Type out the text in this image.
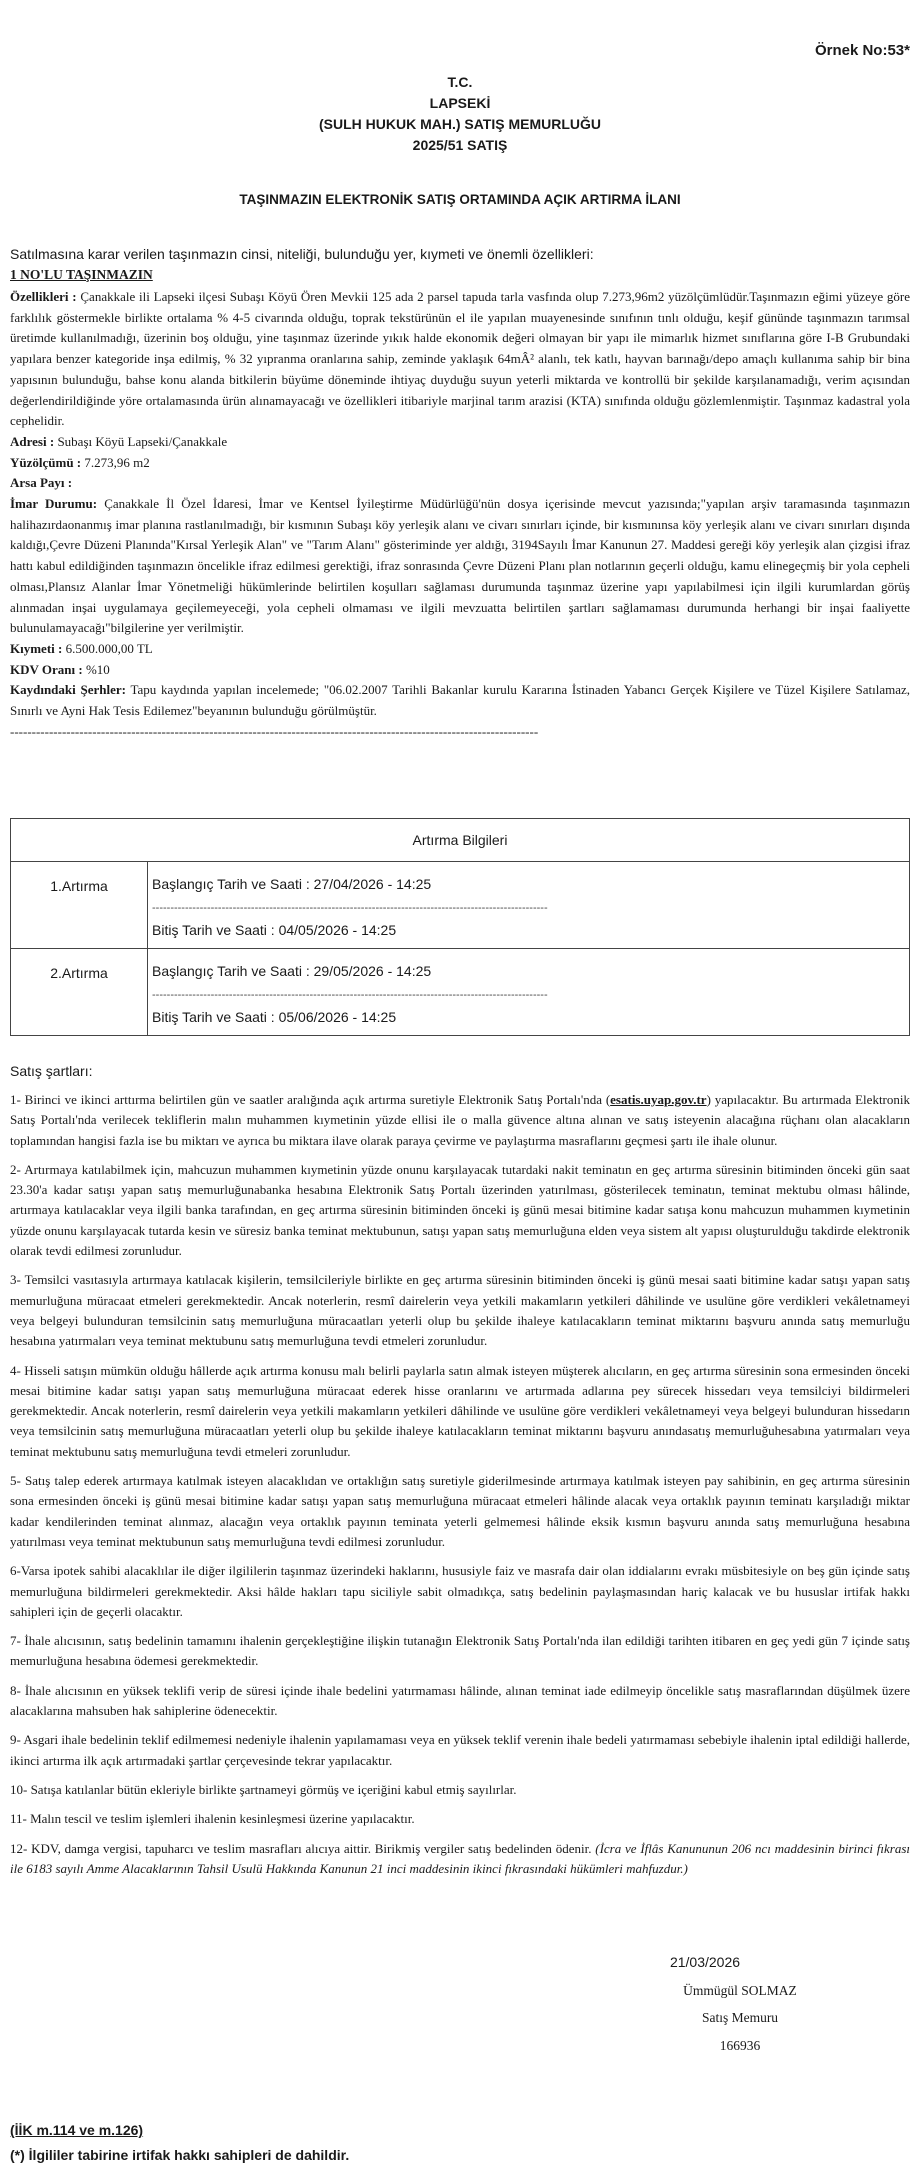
Örnek No:53*
T.C.
LAPSEKİ
(SULH HUKUK MAH.) SATIŞ MEMURLUĞU
2025/51 SATIŞ
TAŞINMAZIN ELEKTRONİK SATIŞ ORTAMINDA AÇIK ARTIRMA İLANI
Satılmasına karar verilen taşınmazın cinsi, niteliği, bulunduğu yer, kıymeti ve önemli özellikleri:
1 NO'LU TAŞINMAZIN

Özellikleri : Çanakkale ili Lapseki ilçesi Subaşı Köyü Ören Mevkii 125 ada 2 parsel tapuda tarla vasfında olup 7.273,96m2 yüzölçümlüdür.Taşınmazın eğimi yüzeye göre farklılık göstermekle birlikte ortalama % 4-5 civarında olduğu, toprak tekstürünün el ile yapılan muayenesinde sınıfının tınlı olduğu, keşif gününde taşınmazın tarımsal üretimde kullanılmadığı, üzerinin boş olduğu, yine taşınmaz üzerinde yıkık halde ekonomik değeri olmayan bir yapı ile mimarlık hizmet sınıflarına göre I-B Grubundaki yapılara benzer kategoride inşa edilmiş, % 32 yıpranma oranlarına sahip, zeminde yaklaşık 64mÂ² alanlı, tek katlı, hayvan barınağı/depo amaçlı kullanıma sahip bir bina yapısının bulunduğu, bahse konu alanda bitkilerin büyüme döneminde ihtiyaç duyduğu suyun yeterli miktarda ve kontrollü bir şekilde karşılanamadığı, verim açısından değerlendirildiğinde yöre ortalamasında ürün alınamayacağı ve özellikleri itibariyle marjinal tarım arazisi (KTA) sınıfında olduğu gözlemlenmiştir. Taşınmaz kadastral yola cephelidir.

Adresi : Subaşı Köyü Lapseki/Çanakkale

Yüzölçümü : 7.273,96 m2

Arsa Payı :

İmar Durumu: Çanakkale İl Özel İdaresi, İmar ve Kentsel İyileştirme Müdürlüğü'nün dosya içerisinde mevcut yazısında;"yapılan arşiv taramasında taşınmazın halihazırdaonanmış imar planına rastlanılmadığı, bir kısmının Subaşı köy yerleşik alanı ve civarı sınırları içinde, bir kısmınınsa köy yerleşik alanı ve civarı sınırları dışında kaldığı,Çevre Düzeni Planında"Kırsal Yerleşik Alan" ve "Tarım Alanı" gösteriminde yer aldığı, 3194Sayılı İmar Kanunun 27. Maddesi gereği köy yerleşik alan çizgisi ifraz hattı kabul edildiğinden taşınmazın öncelikle ifraz edilmesi gerektiği, ifraz sonrasında Çevre Düzeni Planı plan notlarının geçerli olduğu, kamu elinegeçmiş bir yola cepheli olması,Plansız Alanlar İmar Yönetmeliği hükümlerinde belirtilen koşulları sağlaması durumunda taşınmaz üzerine yapı yapılabilmesi için ilgili kurumlardan görüş alınmadan inşai uygulamaya geçilemeyeceği, yola cepheli olmaması ve ilgili mevzuatta belirtilen şartları sağlamaması durumunda herhangi bir inşai faaliyette bulunulamayacağı"bilgilerine yer verilmiştir.

Kıymeti : 6.500.000,00 TL

KDV Oranı : %10

Kaydındaki Şerhler: Tapu kaydında yapılan incelemede; "06.02.2007 Tarihli Bakanlar kurulu Kararına İstinaden Yabancı Gerçek Kişilere ve Tüzel Kişilere Satılamaz, Sınırlı ve Ayni Hak Tesis Edilemez"beyanının bulunduğu görülmüştür.

--------------------------------------------------------------------------------------------------------------------------

Artırma Bilgileri	
1.Artırma	Başlangıç Tarih ve Saati : 27/04/2026 - 14:25
------------------------------------------------------------------------------------------------------------
Bitiş Tarih ve Saati : 04/05/2026 - 14:25

2.Artırma	Başlangıç Tarih ve Saati : 29/05/2026 - 14:25
------------------------------------------------------------------------------------------------------------
Bitiş Tarih ve Saati : 05/06/2026 - 14:25
Satış şartları:

1- Birinci ve ikinci arttırma belirtilen gün ve saatler aralığında açık artırma suretiyle Elektronik Satış Portalı'nda (esatis.uyap.gov.tr) yapılacaktır. Bu artırmada Elektronik Satış Portalı'nda verilecek tekliflerin malın muhammen kıymetinin yüzde ellisi ile o malla güvence altına alınan ve satış isteyenin alacağına rüçhanı olan alacakların toplamından hangisi fazla ise bu miktarı ve ayrıca bu miktara ilave olarak paraya çevirme ve paylaştırma masraflarını geçmesi şartı ile ihale olunur.

2- Artırmaya katılabilmek için, mahcuzun muhammen kıymetinin yüzde onunu karşılayacak tutardaki nakit teminatın en geç artırma süresinin bitiminden önceki gün saat 23.30'a kadar satışı yapan satış memurluğunabanka hesabına Elektronik Satış Portalı üzerinden yatırılması, gösterilecek teminatın, teminat mektubu olması hâlinde, artırmaya katılacaklar veya ilgili banka tarafından, en geç artırma süresinin bitiminden önceki iş günü mesai bitimine kadar satışa konu mahcuzun muhammen kıymetinin yüzde onunu karşılayacak tutarda kesin ve süresiz banka teminat mektubunun, satışı yapan satış memurluğuna elden veya sistem alt yapısı oluşturulduğu takdirde elektronik olarak tevdi edilmesi zorunludur.

3- Temsilci vasıtasıyla artırmaya katılacak kişilerin, temsilcileriyle birlikte en geç artırma süresinin bitiminden önceki iş günü mesai saati bitimine kadar satışı yapan satış memurluğuna müracaat etmeleri gerekmektedir. Ancak noterlerin, resmî dairelerin veya yetkili makamların yetkileri dâhilinde ve usulüne göre verdikleri vekâletnameyi veya belgeyi bulunduran temsilcinin satış memurluğuna müracaatları yeterli olup bu şekilde ihaleye katılacakların teminat miktarını başvuru anında satış memurluğu hesabına yatırmaları veya teminat mektubunu satış memurluğuna tevdi etmeleri zorunludur.

4- Hisseli satışın mümkün olduğu hâllerde açık artırma konusu malı belirli paylarla satın almak isteyen müşterek alıcıların, en geç artırma süresinin sona ermesinden önceki mesai bitimine kadar satışı yapan satış memurluğuna müracaat ederek hisse oranlarını ve artırmada adlarına pey sürecek hissedarı veya temsilciyi bildirmeleri gerekmektedir. Ancak noterlerin, resmî dairelerin veya yetkili makamların yetkileri dâhilinde ve usulüne göre verdikleri vekâletnameyi veya belgeyi bulunduran hissedarın veya temsilcinin satış memurluğuna müracaatları yeterli olup bu şekilde ihaleye katılacakların teminat miktarını başvuru anındasatış memurluğuhesabına yatırmaları veya teminat mektubunu satış memurluğuna tevdi etmeleri zorunludur.

5- Satış talep ederek artırmaya katılmak isteyen alacaklıdan ve ortaklığın satış suretiyle giderilmesinde artırmaya katılmak isteyen pay sahibinin, en geç artırma süresinin sona ermesinden önceki iş günü mesai bitimine kadar satışı yapan satış memurluğuna müracaat etmeleri hâlinde alacak veya ortaklık payının teminatı karşıladığı miktar kadar kendilerinden teminat alınmaz, alacağın veya ortaklık payının teminata yeterli gelmemesi hâlinde eksik kısmın başvuru anında satış memurluğuna hesabına yatırılması veya teminat mektubunun satış memurluğuna tevdi edilmesi zorunludur.

6-Varsa ipotek sahibi alacaklılar ile diğer ilgililerin taşınmaz üzerindeki haklarını, hususiyle faiz ve masrafa dair olan iddialarını evrakı müsbitesiyle on beş gün içinde satış memurluğuna bildirmeleri gerekmektedir. Aksi hâlde hakları tapu siciliyle sabit olmadıkça, satış bedelinin paylaşmasından hariç kalacak ve bu hususlar irtifak hakkı sahipleri için de geçerli olacaktır.

7- İhale alıcısının, satış bedelinin tamamını ihalenin gerçekleştiğine ilişkin tutanağın Elektronik Satış Portalı'nda ilan edildiği tarihten itibaren en geç yedi gün 7 içinde satış memurluğuna hesabına ödemesi gerekmektedir.

8- İhale alıcısının en yüksek teklifi verip de süresi içinde ihale bedelini yatırmaması hâlinde, alınan teminat iade edilmeyip öncelikle satış masraflarından düşülmek üzere alacaklarına mahsuben hak sahiplerine ödenecektir.

9- Asgari ihale bedelinin teklif edilmemesi nedeniyle ihalenin yapılamaması veya en yüksek teklif verenin ihale bedeli yatırmaması sebebiyle ihalenin iptal edildiği hallerde, ikinci artırma ilk açık artırmadaki şartlar çerçevesinde tekrar yapılacaktır.

10- Satışa katılanlar bütün ekleriyle birlikte şartnameyi görmüş ve içeriğini kabul etmiş sayılırlar.

11- Malın tescil ve teslim işlemleri ihalenin kesinleşmesi üzerine yapılacaktır.

12- KDV, damga vergisi, tapuharcı ve teslim masrafları alıcıya aittir. Birikmiş vergiler satış bedelinden ödenir. (İcra ve İflâs Kanununun 206 ncı maddesinin birinci fıkrası ile 6183 sayılı Amme Alacaklarının Tahsil Usulü Hakkında Kanunun 21 inci maddesinin ikinci fıkrasındaki hükümleri mahfuzdur.)

21/03/2026
Ümmügül SOLMAZ
Satış Memuru
166936
(İİK m.114 ve m.126)
(*) İlgililer tabirine irtifak hakkı sahipleri de dahildir.
